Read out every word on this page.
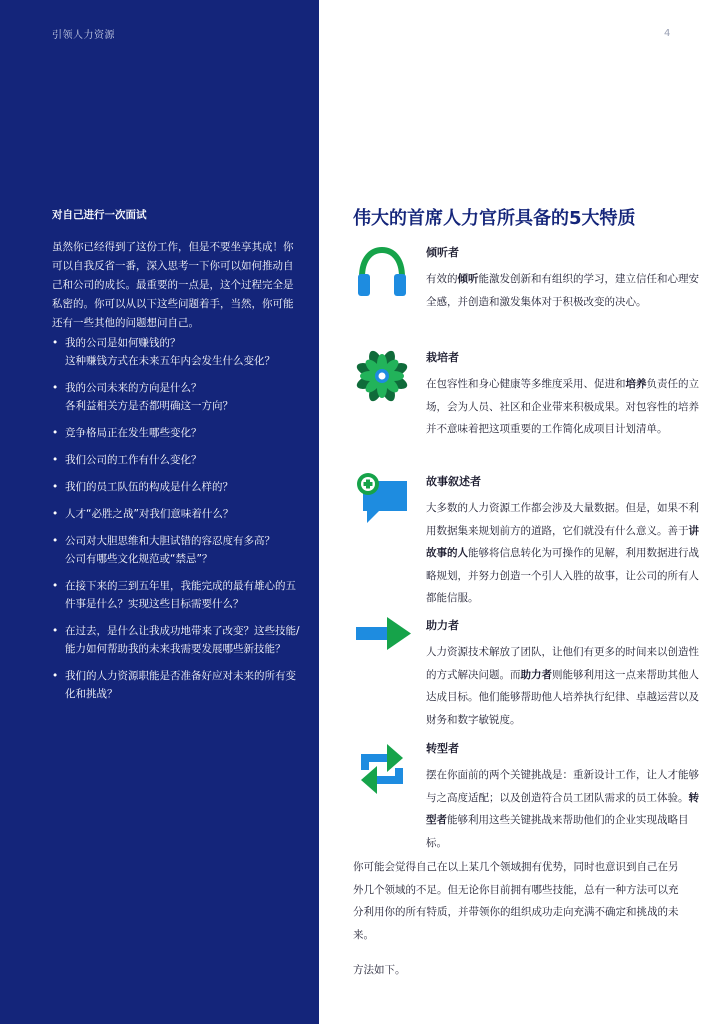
引领人力资源
对自己进行一次面试

虽然你已经得到了这份工作，但是不要坐享其成！你可以自我反省一番，深入思考一下你可以如何推动自己和公司的成长。最重要的一点是，这个过程完全是私密的。你可以从以下这些问题着手，当然，你可能还有一些其他的问题想问自己。

• 我的公司是如何赚钱的？
这种赚钱方式在未来五年内会发生什么变化？
• 我的公司未来的方向是什么？
各利益相关方是否都明确这一方向？
• 竞争格局正在发生哪些变化？
• 我们公司的工作有什么变化？
• 我们的员工队伍的构成是什么样的？
• 人才“必胜之战”对我们意味着什么？
• 公司对大胆思维和大胆试错的容忍度有多高？
公司有哪些文化规范或“禁忌”？
• 在接下来的三到五年里，我能完成的最有雄心的五件事是什么？实现这些目标需要什么？
• 在过去，是什么让我成功地带来了改变？这些技能/能力如何帮助我的未来我需要发展哪些新技能？
• 我们的人力资源职能是否准备好应对未来的所有变化和挑战？
4
伟大的首席人力官所具备的5大特质
倾听者

有效的倾听能激发创新和有组织的学习，建立信任和心理安全感，并创造和激发集体对于积极改变的决心。

栽培者

在包容性和身心健康等多维度采用、促进和培养负责任的立场，会为人员、社区和企业带来积极成果。对包容性的培养并不意味着把这项重要的工作简化成项目计划清单。

故事叙述者

大多数的人力资源工作都会涉及大量数据。但是，如果不利用数据集来规划前方的道路，它们就没有什么意义。善于讲故事的人能够将信息转化为可操作的见解，利用数据进行战略规划，并努力创造一个引人入胜的故事，让公司的所有人都能信服。

助力者

人力资源技术解放了团队，让他们有更多的时间来以创造性的方式解决问题。而助力者则能够利用这一点来帮助其他人达成目标。他们能够帮助他人培养执行纪律、卓越运营以及财务和数字敏锐度。

转型者

摆在你面前的两个关键挑战是：重新设计工作，让人才能够与之高度适配；以及创造符合员工团队需求的员工体验。转型者能够利用这些关键挑战来帮助他们的企业实现战略目标。

你可能会觉得自己在以上某几个领域拥有优势，同时也意识到自己在另外几个领域的不足。但无论你目前拥有哪些技能，总有一种方法可以充分利用你的所有特质，并带领你的组织成功走向充满不确定和挑战的未来。

方法如下。
